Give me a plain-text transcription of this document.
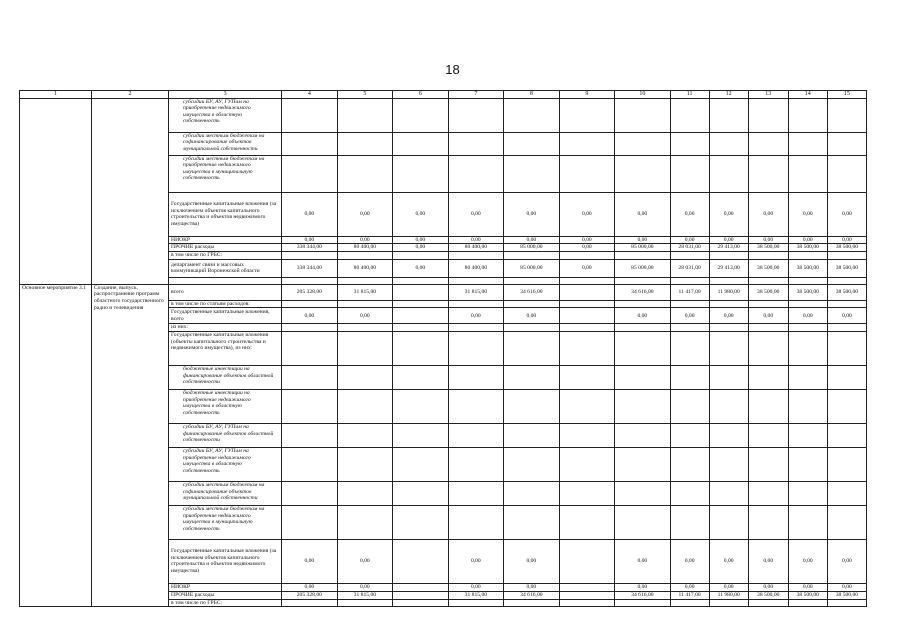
18
1	2	3	4	5	6	7	8	9	10	11	12	13	14	15
		субсидии БУ, АУ, ГУПам на приобретение недвижимого имущества в областную собственность												
		субсидии местным бюджетам на софинансирование объектов муниципальной собственности												
		субсидии местным бюджетам на приобретение недвижимого имущества в муниципальную собственность												
		Государственные капитальные вложения (за исключением объектов капитального строительства и объектов недвижимого имущества)	0,00	0,00	0,00	0,00	0,00	0,00	0,00	0,00	0,00	0,00	0,00	0,00
		НИОКР	0,00	0,00	0,00	0,00	0,00	0,00	0,00	0,00	0,00	0,00	0,00	0,00
		ПРОЧИЕ расходы	338 344,00	80 400,00	0,00	80 400,00	85 000,00	0,00	85 000,00	28 031,00	29 413,00	38 500,00	38 500,00	38 500,00
		в том числе по ГРБС:												
		департамент связи и массовых коммуникаций Воронежской области	338 344,00	80 400,00	0,00	80 400,00	85 000,00	0,00	85 000,00	28 031,00	29 413,00	38 500,00	38 500,00	38 500,00

Основное мероприятие 3.1	Создание, выпуск, распространение программ областного государственного радио и телевидения	всего	205 328,00	31 815,00		31 815,00	34 616,00		34 616,00	11 417,00	11 980,00	38 500,00	38 500,00	38 500,00
		в том числе по статьям расходов:												
		Государственные капитальные вложения, всего	0,00	0,00		0,00	0,00		0,00	0,00	0,00	0,00	0,00	0,00
		из них:												
		Государственные капитальные вложения (объекты капитального строительства и недвижимого имущества), из них:												
		бюджетные инвестиции на финансирование объектов областной собственности												
		бюджетные инвестиции на приобретение недвижимого имущества в областную собственность												
		субсидии БУ, АУ, ГУПам на финансирование объектов областной собственности												
		субсидии БУ, АУ, ГУПам на приобретение недвижимого имущества в областную собственность												
		субсидии местным бюджетам на софинансирование объектов муниципальной собственности												
		субсидии местным бюджетам на приобретение недвижимого имущества в муниципальную собственность												
		Государственные капитальные вложения (за исключением объектов капитального строительства и объектов недвижимого имущества)	0,00	0,00		0,00	0,00		0,00	0,00	0,00	0,00	0,00	0,00
		НИОКР	0,00	0,00		0,00	0,00		0,00	0,00	0,00	0,00	0,00	0,00
		ПРОЧИЕ расходы	205 328,00	31 815,00		31 815,00	34 616,00		34 616,00	11 417,00	11 980,00	38 500,00	38 500,00	38 500,00
		в том числе по ГРБС:												
